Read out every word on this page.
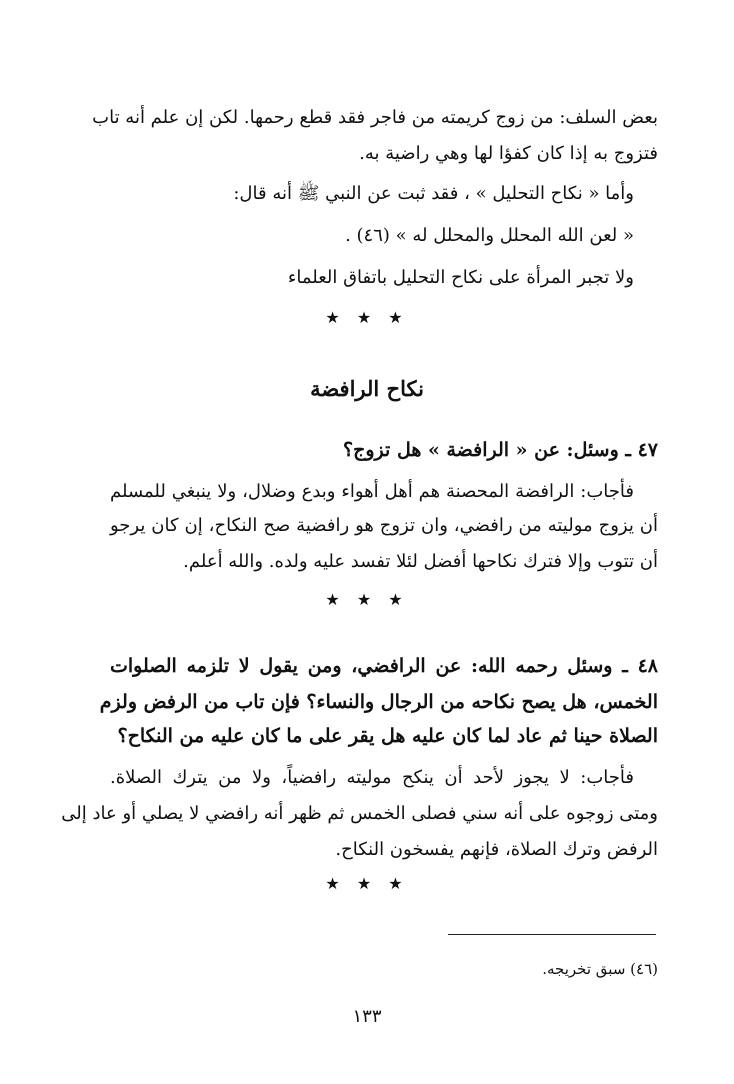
بعض السلف: من زوج كريمته من فاجر فقد قطع رحمها. لكن إن علم أنه تاب
فتزوج به إذا كان كفؤا لها وهي راضية به.
وأما « نكاح التحليل » ، فقد ثبت عن النبي ﷺ أنه قال:
« لعن الله المحلل والمحلل له » (٤٦) .
ولا تجبر المرأة على نكاح التحليل باتفاق العلماء
★ ★ ★
نكاح الرافضة
٤٧ ـ وسئل: عن « الرافضة » هل تزوج؟
فأجاب: الرافضة المحصنة هم أهل أهواء وبدع وضلال، ولا ينبغي للمسلم
أن يزوج موليته من رافضي، وان تزوج هو رافضية صح النكاح، إن كان يرجو
أن تتوب وإلا فترك نكاحها أفضل لئلا تفسد عليه ولده. والله أعلم.
★ ★ ★
٤٨ ـ وسئل رحمه الله: عن الرافضي، ومن يقول لا تلزمه الصلوات
الخمس، هل يصح نكاحه من الرجال والنساء؟ فإن تاب من الرفض ولزم
الصلاة حينا ثم عاد لما كان عليه هل يقر على ما كان عليه من النكاح؟
فأجاب: لا يجوز لأحد أن ينكح موليته رافضياً، ولا من يترك الصلاة.
ومتى زوجوه على أنه سني فصلى الخمس ثم ظهر أنه رافضي لا يصلي أو عاد إلى
الرفض وترك الصلاة، فإنهم يفسخون النكاح.
★ ★ ★
(٤٦) سبق تخريجه.
١٣٣
